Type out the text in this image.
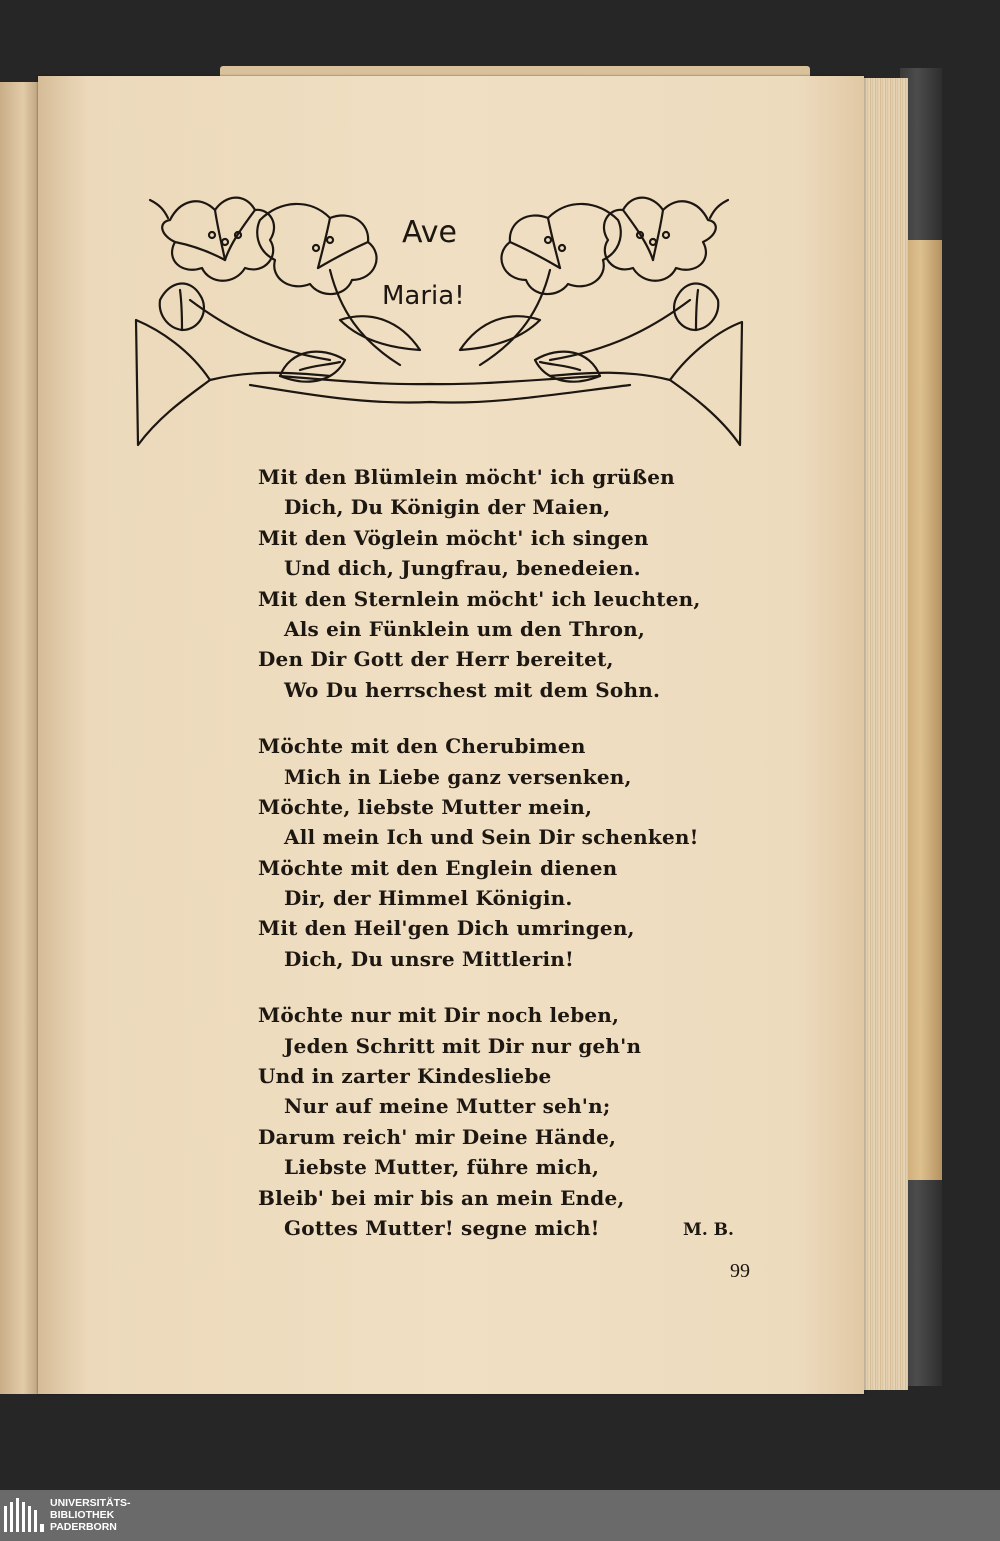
Ave
Maria!
Mit den Blümlein möcht' ich grüßen
Dich, Du Königin der Maien,
Mit den Vöglein möcht' ich singen
Und dich, Jungfrau, benedeien.
Mit den Sternlein möcht' ich leuchten,
Als ein Fünklein um den Thron,
Den Dir Gott der Herr bereitet,
Wo Du herrschest mit dem Sohn.
Möchte mit den Cherubimen
Mich in Liebe ganz versenken,
Möchte, liebste Mutter mein,
All mein Ich und Sein Dir schenken!
Möchte mit den Englein dienen
Dir, der Himmel Königin.
Mit den Heil'gen Dich umringen,
Dich, Du unsre Mittlerin!
Möchte nur mit Dir noch leben,
Jeden Schritt mit Dir nur geh'n
Und in zarter Kindesliebe
Nur auf meine Mutter seh'n;
Darum reich' mir Deine Hände,
Liebste Mutter, führe mich,
Bleib' bei mir bis an mein Ende,
Gottes Mutter! segne mich!	M. B.
99
UNIVERSITÄTS-
BIBLIOTHEK
PADERBORN
